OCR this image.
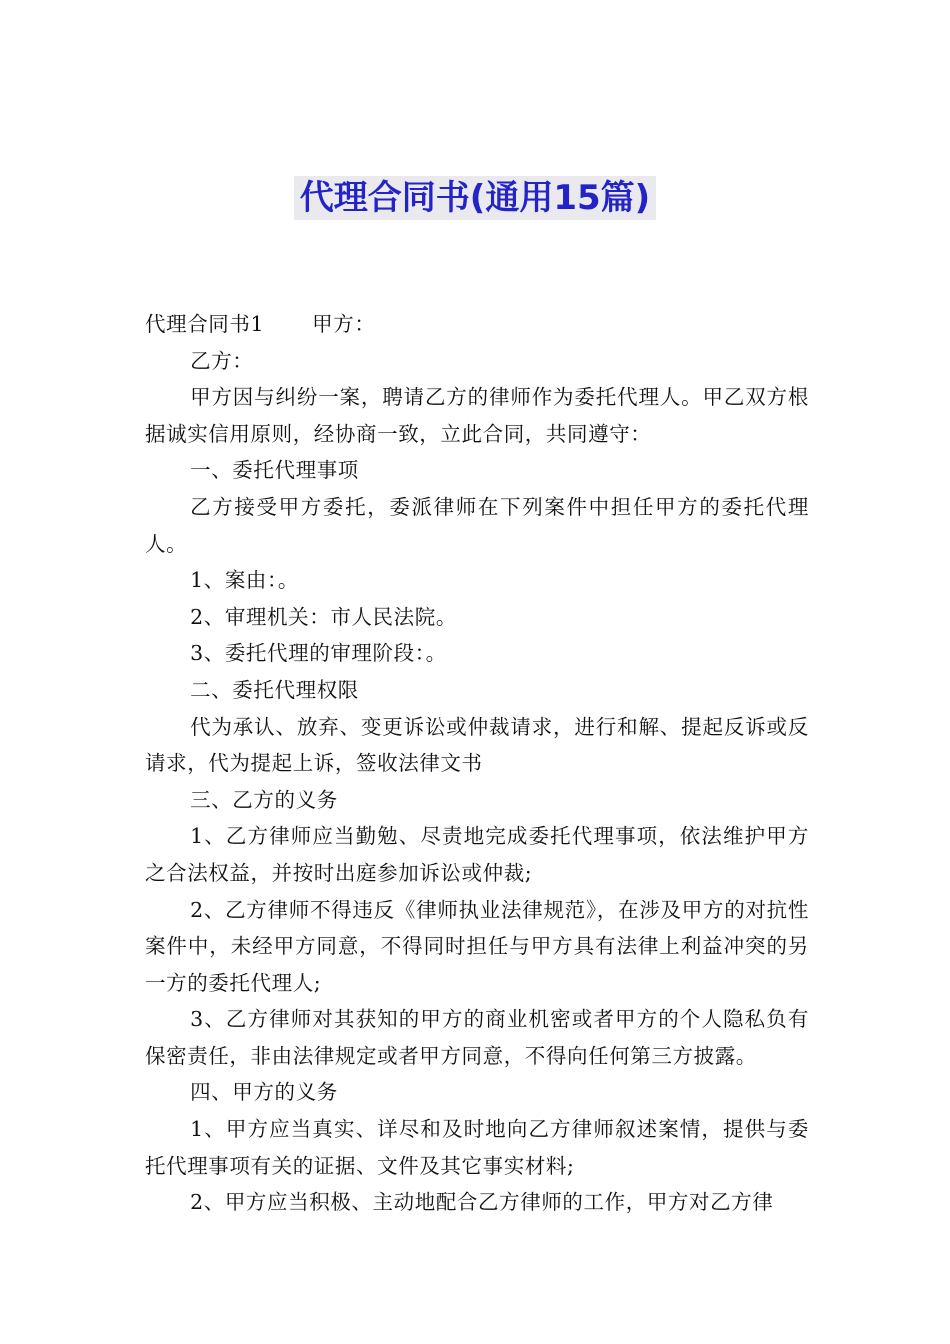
代理合同书(通用15篇)

代理合同书1 甲方：

乙方：

甲方因与纠纷一案，聘请乙方的律师作为委托代理人。甲乙双方根据诚实信用原则，经协商一致，立此合同，共同遵守：

一、委托代理事项

乙方接受甲方委托，委派律师在下列案件中担任甲方的委托代理人。

1、案由：。

2、审理机关：市人民法院。

3、委托代理的审理阶段：。

二、委托代理权限

代为承认、放弃、变更诉讼或仲裁请求，进行和解、提起反诉或反请求，代为提起上诉，签收法律文书

三、乙方的义务

1、乙方律师应当勤勉、尽责地完成委托代理事项，依法维护甲方之合法权益，并按时出庭参加诉讼或仲裁;

2、乙方律师不得违反《律师执业法律规范》，在涉及甲方的对抗性案件中，未经甲方同意，不得同时担任与甲方具有法律上利益冲突的另一方的委托代理人;

3、乙方律师对其获知的甲方的商业机密或者甲方的个人隐私负有保密责任，非由法律规定或者甲方同意，不得向任何第三方披露。

四、甲方的义务

1、甲方应当真实、详尽和及时地向乙方律师叙述案情，提供与委托代理事项有关的证据、文件及其它事实材料;

2、甲方应当积极、主动地配合乙方律师的工作，甲方对乙方律
